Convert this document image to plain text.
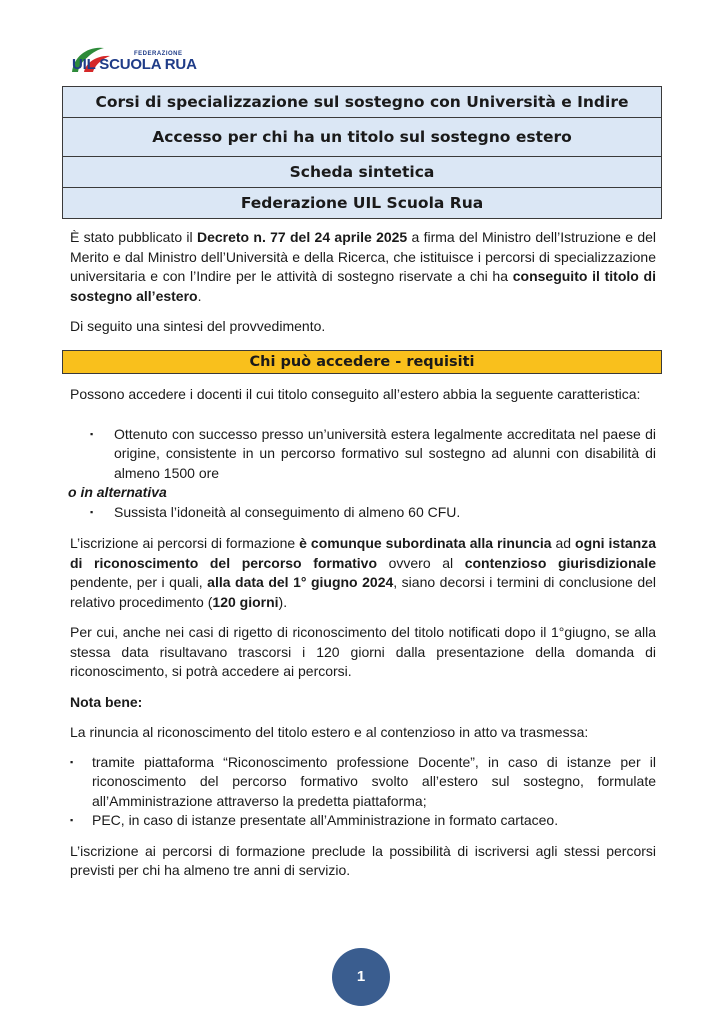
FEDERAZIONE
UIL SCUOLA RUA
Corsi di specializzazione sul sostegno con Università e Indire
Accesso per chi ha un titolo sul sostegno estero
Scheda sintetica
Federazione UIL Scuola Rua

È stato pubblicato il Decreto n. 77 del 24 aprile 2025 a firma del Ministro dell’Istruzione e del Merito e dal Ministro dell’Università e della Ricerca, che istituisce i percorsi di specializzazione universitaria e con l’Indire per le attività di sostegno riservate a chi ha conseguito il titolo di sostegno all’estero.

Di seguito una sintesi del provvedimento.

Chi può accedere - requisiti

Possono accedere i docenti il cui titolo conseguito all’estero abbia la seguente caratteristica:

▪ Ottenuto con successo presso un’università estera legalmente accreditata nel paese di origine, consistente in un percorso formativo sul sostegno ad alunni con disabilità di almeno 1500 ore

o in alternativa

▪ Sussista l’idoneità al conseguimento di almeno 60 CFU.

L’iscrizione ai percorsi di formazione è comunque subordinata alla rinuncia ad ogni istanza di riconoscimento del percorso formativo ovvero al contenzioso giurisdizionale pendente, per i quali, alla data del 1° giugno 2024, siano decorsi i termini di conclusione del relativo procedimento (120 giorni).

Per cui, anche nei casi di rigetto di riconoscimento del titolo notificati dopo il 1°giugno, se alla stessa data risultavano trascorsi i 120 giorni dalla presentazione della domanda di riconoscimento, si potrà accedere ai percorsi.

Nota bene:

La rinuncia al riconoscimento del titolo estero e al contenzioso in atto va trasmessa:

▪ tramite piattaforma “Riconoscimento professione Docente”, in caso di istanze per il riconoscimento del percorso formativo svolto all’estero sul sostegno, formulate all’Amministrazione attraverso la predetta piattaforma;
▪ PEC, in caso di istanze presentate all’Amministrazione in formato cartaceo.

L’iscrizione ai percorsi di formazione preclude la possibilità di iscriversi agli stessi percorsi previsti per chi ha almeno tre anni di servizio.

1
